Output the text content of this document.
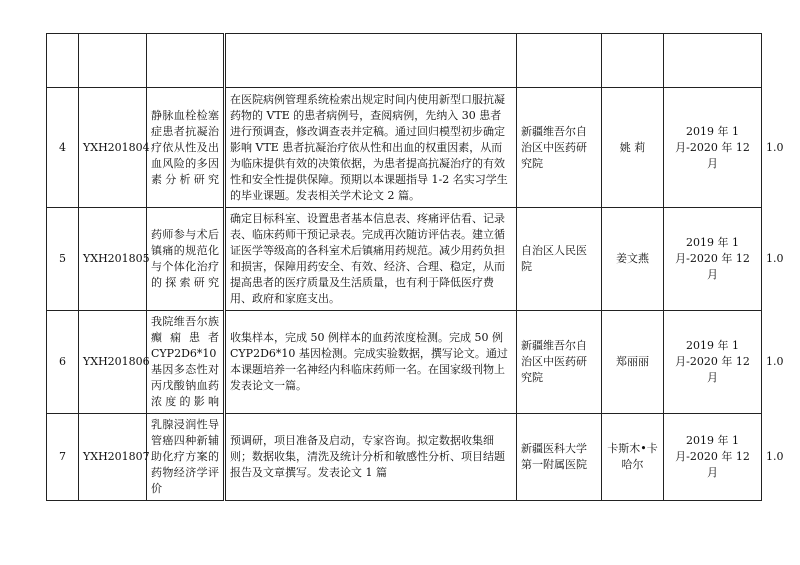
4	YXH201804	静脉血栓检塞症患者抗凝治疗依从性及出血风险的多因素分析研究	在医院病例管理系统检索出规定时间内使用新型口服抗凝药物的 VTE 的患者病例号，查阅病例，先纳入 30 患者进行预调查，修改调查表并定稿。通过回归模型初步确定影响 VTE 患者抗凝治疗依从性和出血的权重因素，从而为临床提供有效的决策依据，为患者提高抗凝治疗的有效性和安全性提供保障。预期以本课题指导 1-2 名实习学生的毕业课题。发表相关学术论文 2 篇。	新疆维吾尔自治区中医药研究院	姚 莉	2019 年 1 月-2020 年 12 月	1.0
5	YXH201805	药师参与术后镇痛的规范化与个体化治疗的探索研究	确定目标科室、设置患者基本信息表、疼痛评估看、记录表、临床药师干预记录表。完成再次随访评估表。建立循证医学等级高的各科室术后镇痛用药规范。减少用药负担和损害，保障用药安全、有效、经济、合理、稳定，从而提高患者的医疗质量及生活质量，也有利于降低医疗费用、政府和家庭支出。	自治区人民医院	姜文燕	2019 年 1 月-2020 年 12 月	1.0
6	YXH201806	我院维吾尔族癫痫患者CYP2D6*10基因多态性对丙戊酸钠血药浓度的影响	收集样本，完成 50 例样本的血药浓度检测。完成 50 例 CYP2D6*10 基因检测。完成实验数据，撰写论文。通过本课题培养一名神经内科临床药师一名。在国家级刊物上发表论文一篇。	新疆维吾尔自治区中医药研究院	郑丽丽	2019 年 1 月-2020 年 12 月	1.0
7	YXH201807	乳腺浸润性导管癌四种新辅助化疗方案的药物经济学评价	预调研，项目准备及启动，专家咨询。拟定数据收集细则；数据收集，清洗及统计分析和敏感性分析、项目结题报告及文章撰写。发表论文 1 篇	新疆医科大学第一附属医院	卡斯木•卡哈尔	2019 年 1 月-2020 年 12 月	1.0
